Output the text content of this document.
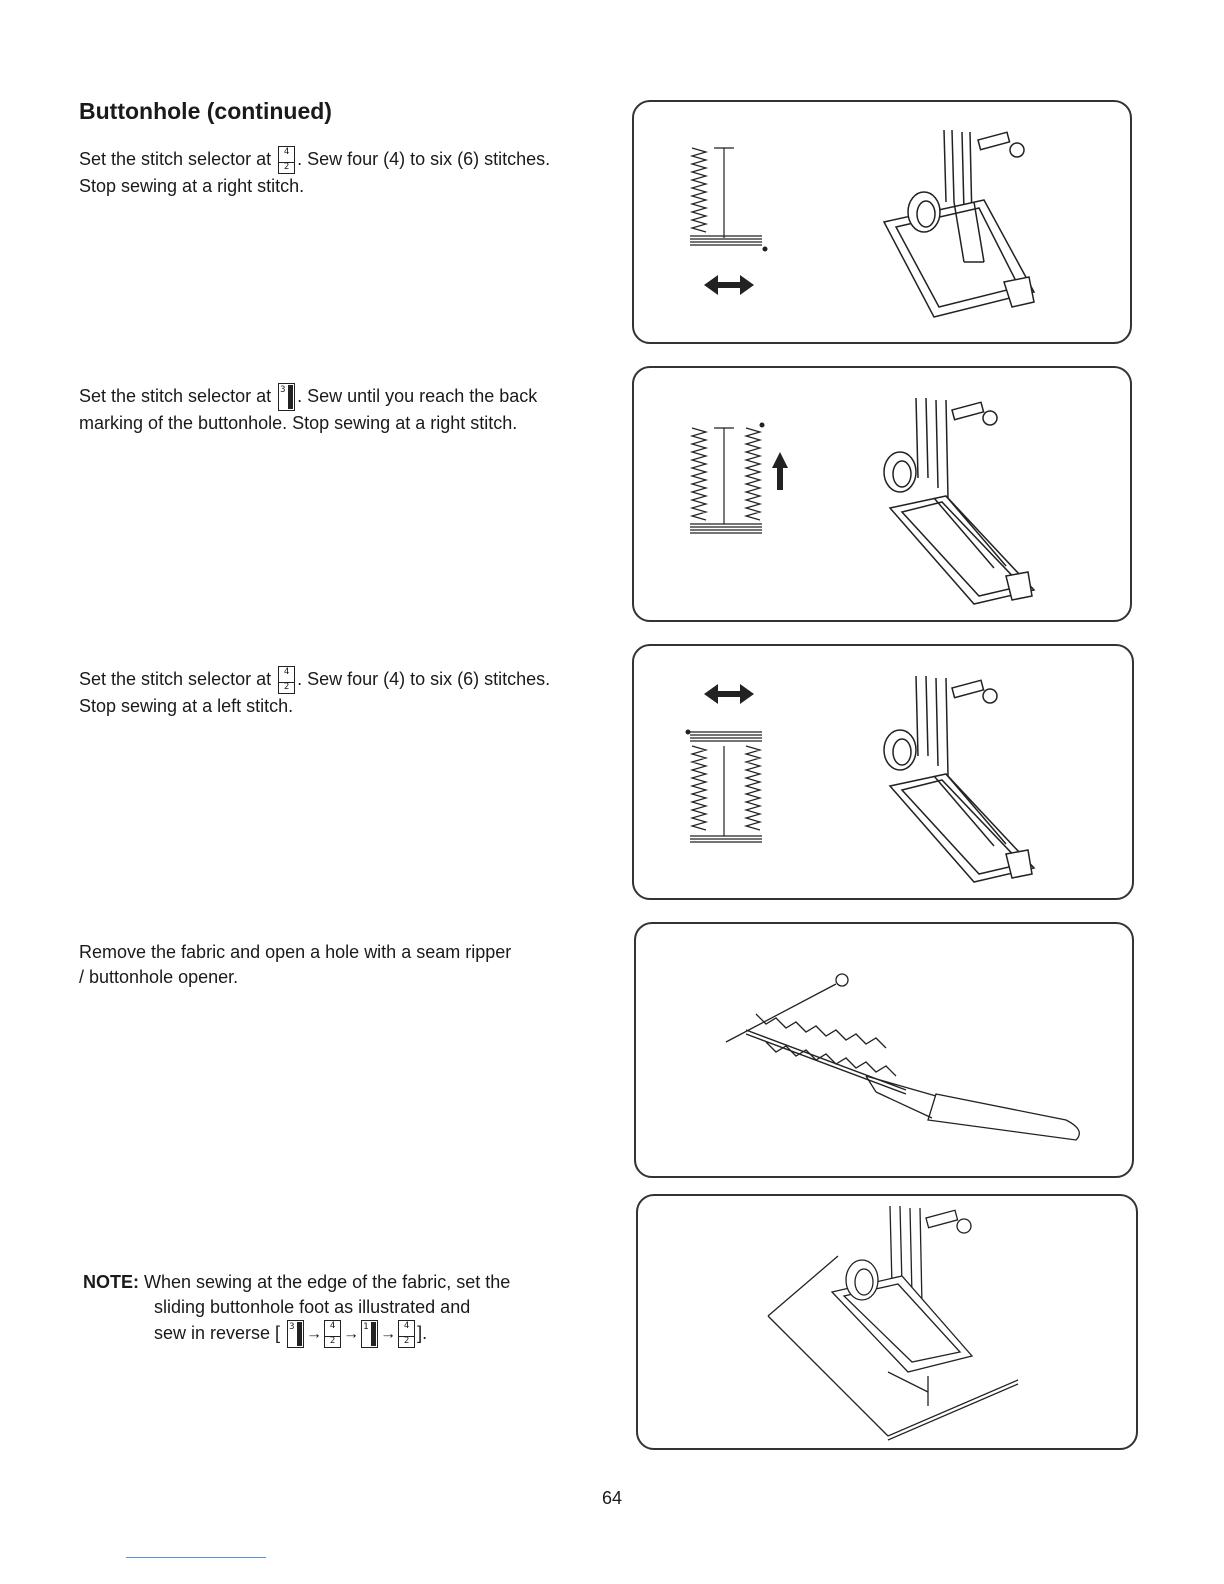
Buttonhole (continued)

Set the stitch selector at $\frac{4}{2}$ . Sew four (4) to six (6) stitches. Stop sewing at a right stitch.

Set the stitch selector at 3 . Sew until you reach the back marking of the buttonhole. Stop sewing at a right stitch.

Set the stitch selector at $\frac{4}{2}$ . Sew four (4) to six (6) stitches. Stop sewing at a left stitch.

Remove the fabric and open a hole with a seam ripper / buttonhole opener.

NOTE: When sewing at the edge of the fabric, set the

sliding buttonhole foot as illustrated and

sew in reverse [ $3 \to \frac{4}{2} \to 1 \to \frac{4}{2}$ ].

64
